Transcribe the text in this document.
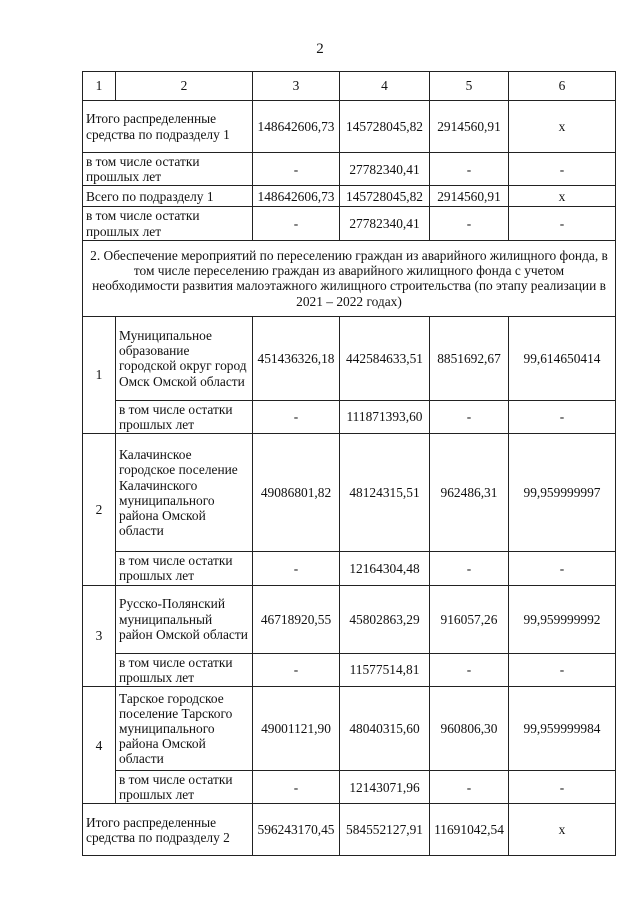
2
1	2	3	4	5	6
Итого распределенные средства по подразделу 1		148642606,73	145728045,82	2914560,91	x
в том числе остатки прошлых лет		-	27782340,41	-	-
Всего по подразделу 1		148642606,73	145728045,82	2914560,91	x
в том числе остатки прошлых лет		-	27782340,41	-	-
2. Обеспечение мероприятий по переселению граждан из аварийного жилищного фонда, в том числе переселению граждан из аварийного жилищного фонда с учетом необходимости развития малоэтажного жилищного строительства (по этапу реализации в 2021 – 2022 годах)					
1	Муниципальное образование городской округ город Омск Омской области	451436326,18	442584633,51	8851692,67	99,614650414
	в том числе остатки прошлых лет	-	111871393,60	-	-
2	Калачинское городское поселение Калачинского муниципального района Омской области	49086801,82	48124315,51	962486,31	99,959999997
	в том числе остатки прошлых лет	-	12164304,48	-	-
3	Русско-Полянский муниципальный район Омской области	46718920,55	45802863,29	916057,26	99,959999992
	в том числе остатки прошлых лет	-	11577514,81	-	-
4	Тарское городское поселение Тарского муниципального района Омской области	49001121,90	48040315,60	960806,30	99,959999984
	в том числе остатки прошлых лет	-	12143071,96	-	-
Итого распределенные средства по подразделу 2		596243170,45	584552127,91	11691042,54	x
